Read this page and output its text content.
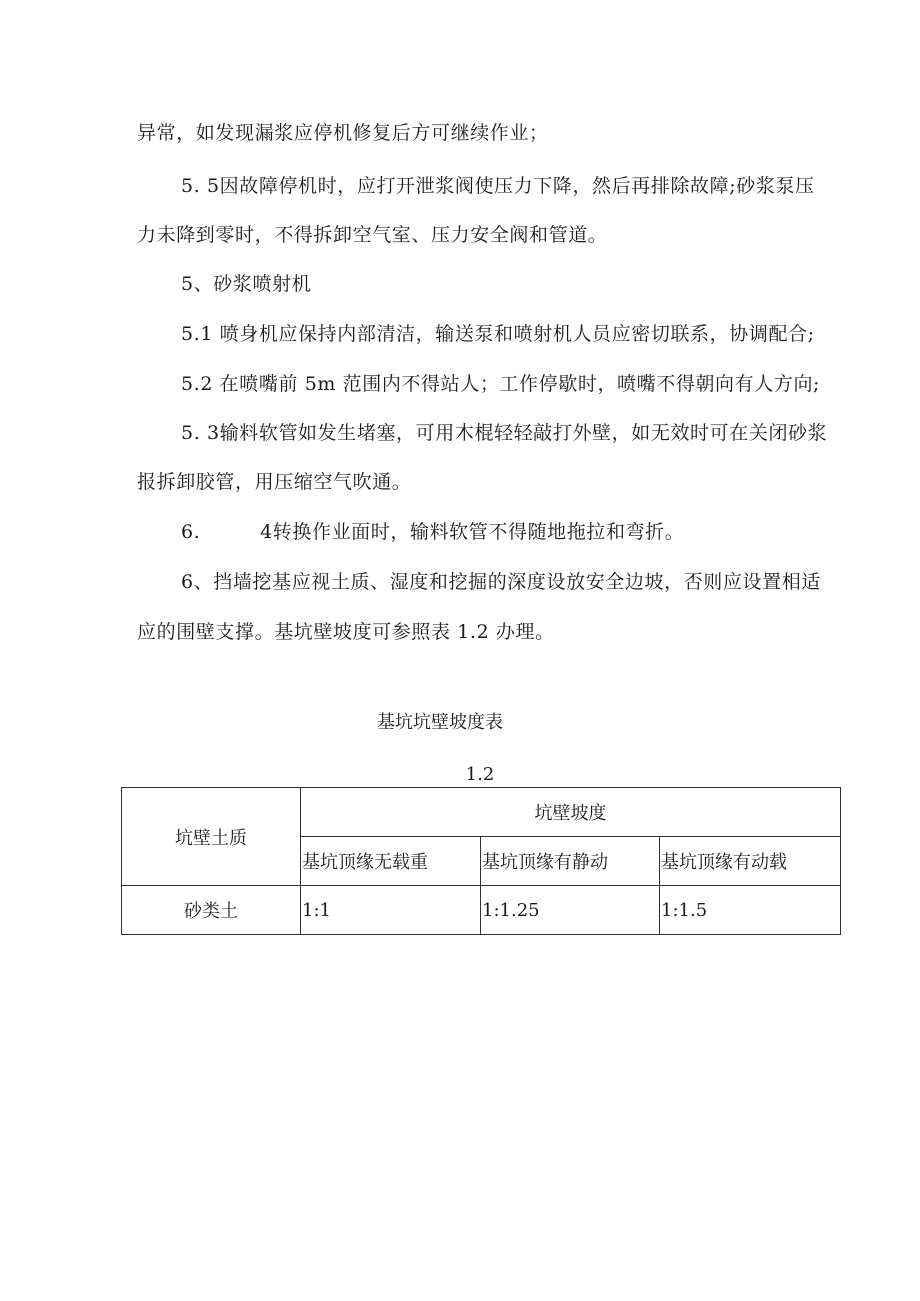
异常，如发现漏浆应停机修复后方可继续作业；
5. 5因故障停机时，应打开泄浆阀使压力下降，然后再排除故障;砂浆泵压
力未降到零时，不得拆卸空气室、压力安全阀和管道。
5、砂浆喷射机
5.1 喷身机应保持内部清洁，输送泵和喷射机人员应密切联系，协调配合;
5.2 在喷嘴前 5m 范围内不得站人；工作停歇时，喷嘴不得朝向有人方向;
5. 3输料软管如发生堵塞，可用木棍轻轻敲打外壁，如无效时可在关闭砂浆
报拆卸胶管，用压缩空气吹通。
6.         4转换作业面时，输料软管不得随地拖拉和弯折。
6、挡墙挖基应视土质、湿度和挖掘的深度设放安全边坡，否则应设置相适
应的围壁支撑。基坑壁坡度可参照表 1.2 办理。
基坑坑壁坡度表
1.2
坑壁土质	坑壁坡度		
	基坑顶缘无载重	基坑顶缘有静动	基坑顶缘有动载
砂类土	1:1	1:1.25	1:1.5
